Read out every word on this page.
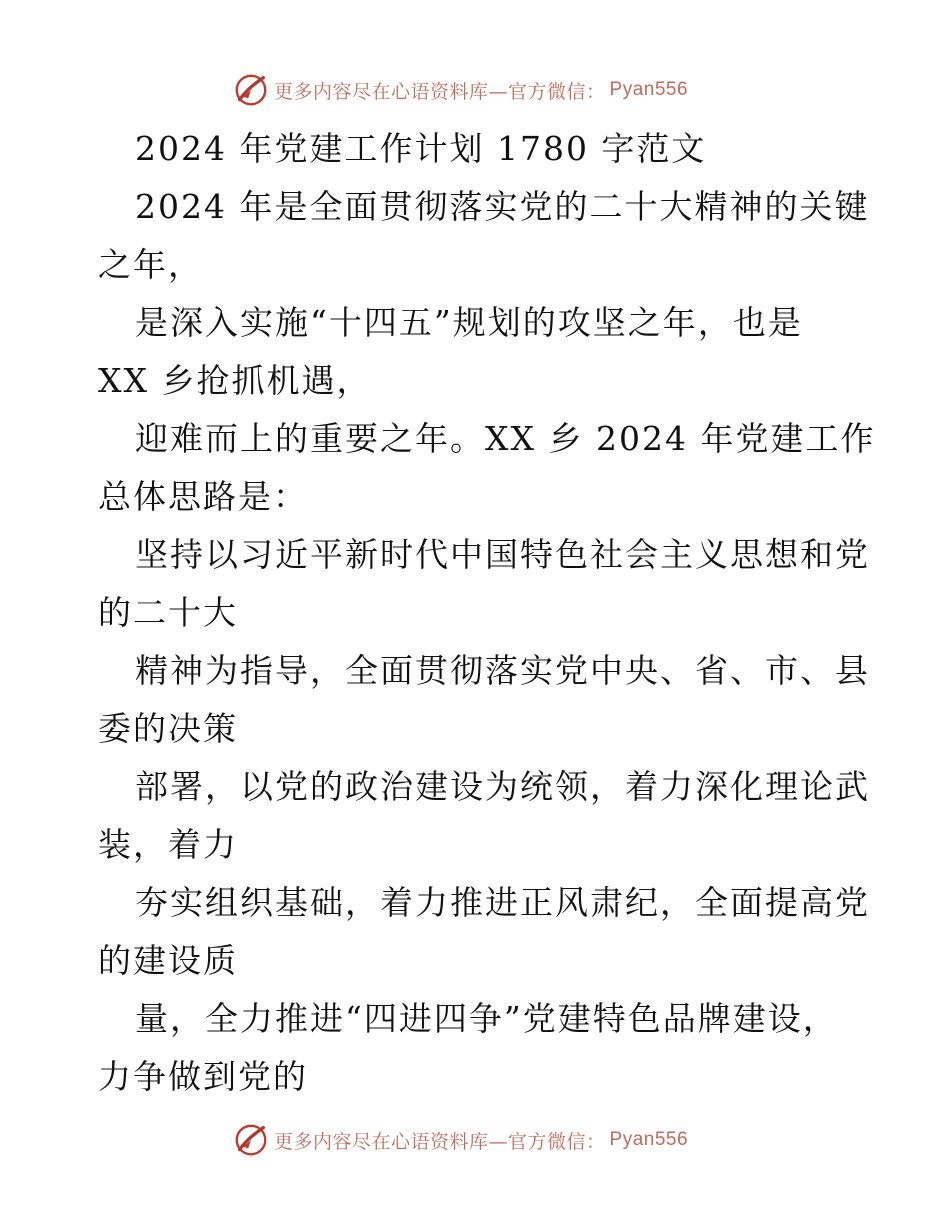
更多内容尽在心语资料库—官方微信： Pyan556
2024 年党建工作计划 1780 字范文
2024 年是全面贯彻落实党的二十大精神的关键
之年，
是深入实施“十四五”规划的攻坚之年，也是
XX 乡抢抓机遇，
迎难而上的重要之年。XX 乡 2024 年党建工作
总体思路是：
坚持以习近平新时代中国特色社会主义思想和党
的二十大
精神为指导，全面贯彻落实党中央、省、市、县
委的决策
部署，以党的政治建设为统领，着力深化理论武
装，着力
夯实组织基础，着力推进正风肃纪，全面提高党
的建设质
量，全力推进“四进四争”党建特色品牌建设，
力争做到党的
更多内容尽在心语资料库—官方微信： Pyan556
